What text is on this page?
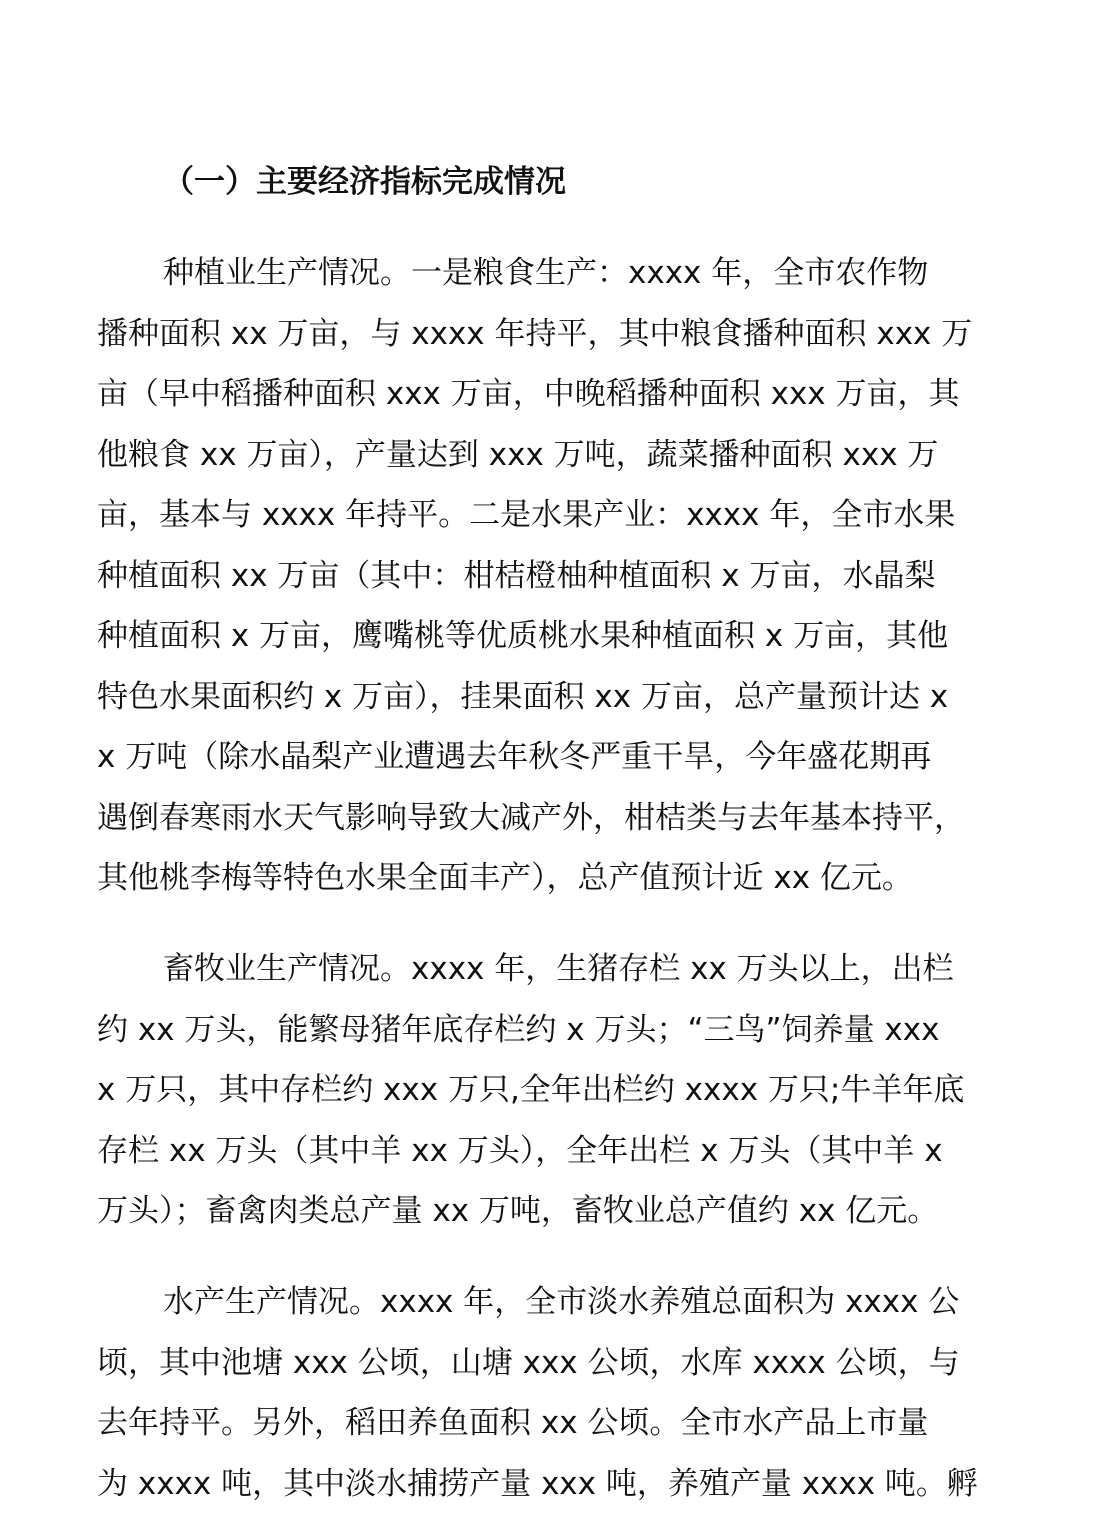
（一）主要经济指标完成情况
种植业生产情况。一是粮食生产：xxxx 年，全市农作物
播种面积 xx 万亩，与 xxxx 年持平，其中粮食播种面积 xxx 万
亩（早中稻播种面积 xxx 万亩，中晚稻播种面积 xxx 万亩，其
他粮食 xx 万亩），产量达到 xxx 万吨，蔬菜播种面积 xxx 万
亩，基本与 xxxx 年持平。二是水果产业：xxxx 年，全市水果
种植面积 xx 万亩（其中：柑桔橙柚种植面积 x 万亩，水晶梨
种植面积 x 万亩，鹰嘴桃等优质桃水果种植面积 x 万亩，其他
特色水果面积约 x 万亩），挂果面积 xx 万亩，总产量预计达 x
x 万吨（除水晶梨产业遭遇去年秋冬严重干旱，今年盛花期再
遇倒春寒雨水天气影响导致大减产外，柑桔类与去年基本持平，
其他桃李梅等特色水果全面丰产），总产值预计近 xx 亿元。
畜牧业生产情况。xxxx 年，生猪存栏 xx 万头以上，出栏
约 xx 万头，能繁母猪年底存栏约 x 万头；“三鸟”饲养量 xxx
x 万只，其中存栏约 xxx 万只,全年出栏约 xxxx 万只;牛羊年底
存栏 xx 万头（其中羊 xx 万头），全年出栏 x 万头（其中羊 x
万头）；畜禽肉类总产量 xx 万吨，畜牧业总产值约 xx 亿元。
水产生产情况。xxxx 年，全市淡水养殖总面积为 xxxx 公
顷，其中池塘 xxx 公顷，山塘 xxx 公顷，水库 xxxx 公顷，与
去年持平。另外，稻田养鱼面积 xx 公顷。全市水产品上市量
为 xxxx 吨，其中淡水捕捞产量 xxx 吨，养殖产量 xxxx 吨。孵
